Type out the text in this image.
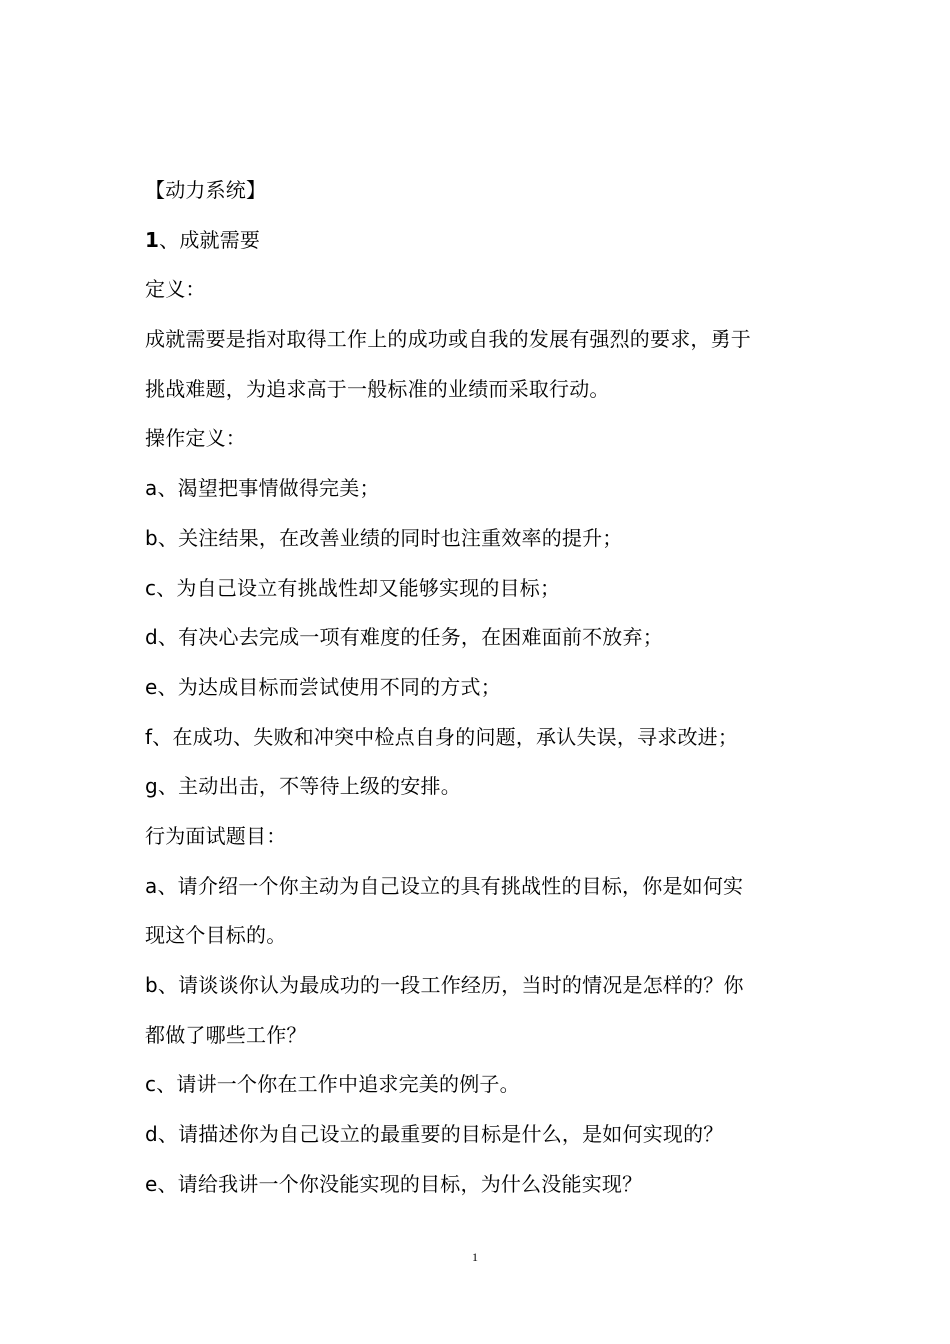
【动力系统】
1、成就需要
定义：
成就需要是指对取得工作上的成功或自我的发展有强烈的要求，勇于
挑战难题，为追求高于一般标准的业绩而采取行动。
操作定义：
a、渴望把事情做得完美；
b、关注结果，在改善业绩的同时也注重效率的提升；
c、为自己设立有挑战性却又能够实现的目标；
d、有决心去完成一项有难度的任务，在困难面前不放弃；
e、为达成目标而尝试使用不同的方式；
f、在成功、失败和冲突中检点自身的问题，承认失误，寻求改进；
g、主动出击，不等待上级的安排。
行为面试题目：
a、请介绍一个你主动为自己设立的具有挑战性的目标，你是如何实
现这个目标的。
b、请谈谈你认为最成功的一段工作经历，当时的情况是怎样的？你
都做了哪些工作？
c、请讲一个你在工作中追求完美的例子。
d、请描述你为自己设立的最重要的目标是什么，是如何实现的？
e、请给我讲一个你没能实现的目标，为什么没能实现？
1
